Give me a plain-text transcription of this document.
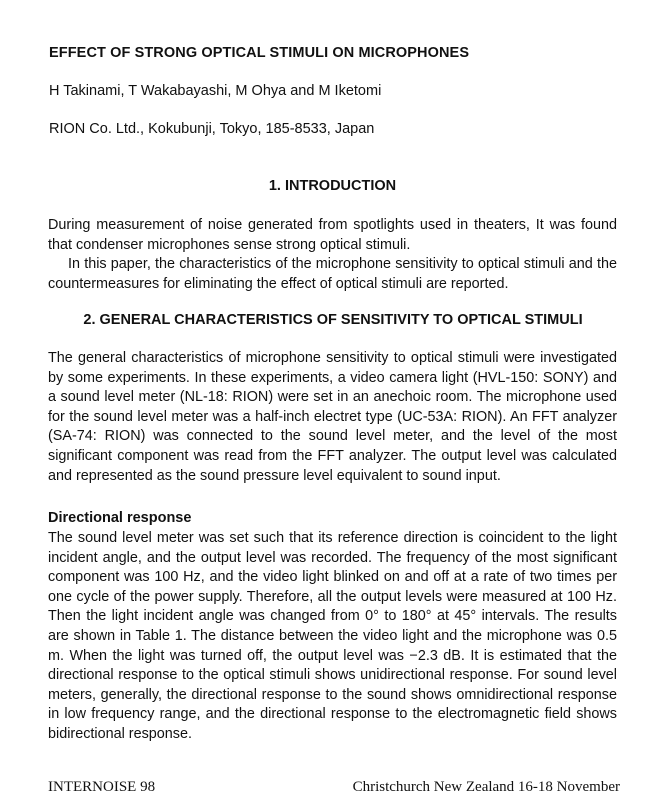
EFFECT OF STRONG OPTICAL STIMULI ON MICROPHONES
H Takinami, T Wakabayashi, M Ohya and M Iketomi
RION Co. Ltd., Kokubunji, Tokyo, 185-8533, Japan
1. INTRODUCTION

During measurement of noise generated from spotlights used in theaters, It was found that condenser microphones sense strong optical stimuli.

In this paper, the characteristics of the microphone sensitivity to optical stimuli and the countermeasures for eliminating the effect of optical stimuli are reported.

2. GENERAL CHARACTERISTICS OF SENSITIVITY TO OPTICAL STIMULI

The general characteristics of microphone sensitivity to optical stimuli were investigated by some experiments. In these experiments, a video camera light (HVL-150: SONY) and a sound level meter (NL-18: RION) were set in an anechoic room. The microphone used for the sound level meter was a half-inch electret type (UC-53A: RION). An FFT analyzer (SA-74: RION) was connected to the sound level meter, and the level of the most significant component was read from the FFT analyzer. The output level was calculated and represented as the sound pressure level equivalent to sound input.

Directional response

The sound level meter was set such that its reference direction is coincident to the light incident angle, and the output level was recorded. The frequency of the most significant component was 100 Hz, and the video light blinked on and off at a rate of two times per one cycle of the power supply. Therefore, all the output levels were measured at 100 Hz. Then the light incident angle was changed from 0° to 180° at 45° intervals. The results are shown in Table 1. The distance between the video light and the microphone was 0.5 m. When the light was turned off, the output level was −2.3 dB. It is estimated that the directional response to the optical stimuli shows unidirectional response. For sound level meters, generally, the directional response to the sound shows omnidirectional response in low frequency range, and the directional response to the electromagnetic field shows bidirectional response.

INTERNOISE 98	Christchurch New Zealand 16-18 November
